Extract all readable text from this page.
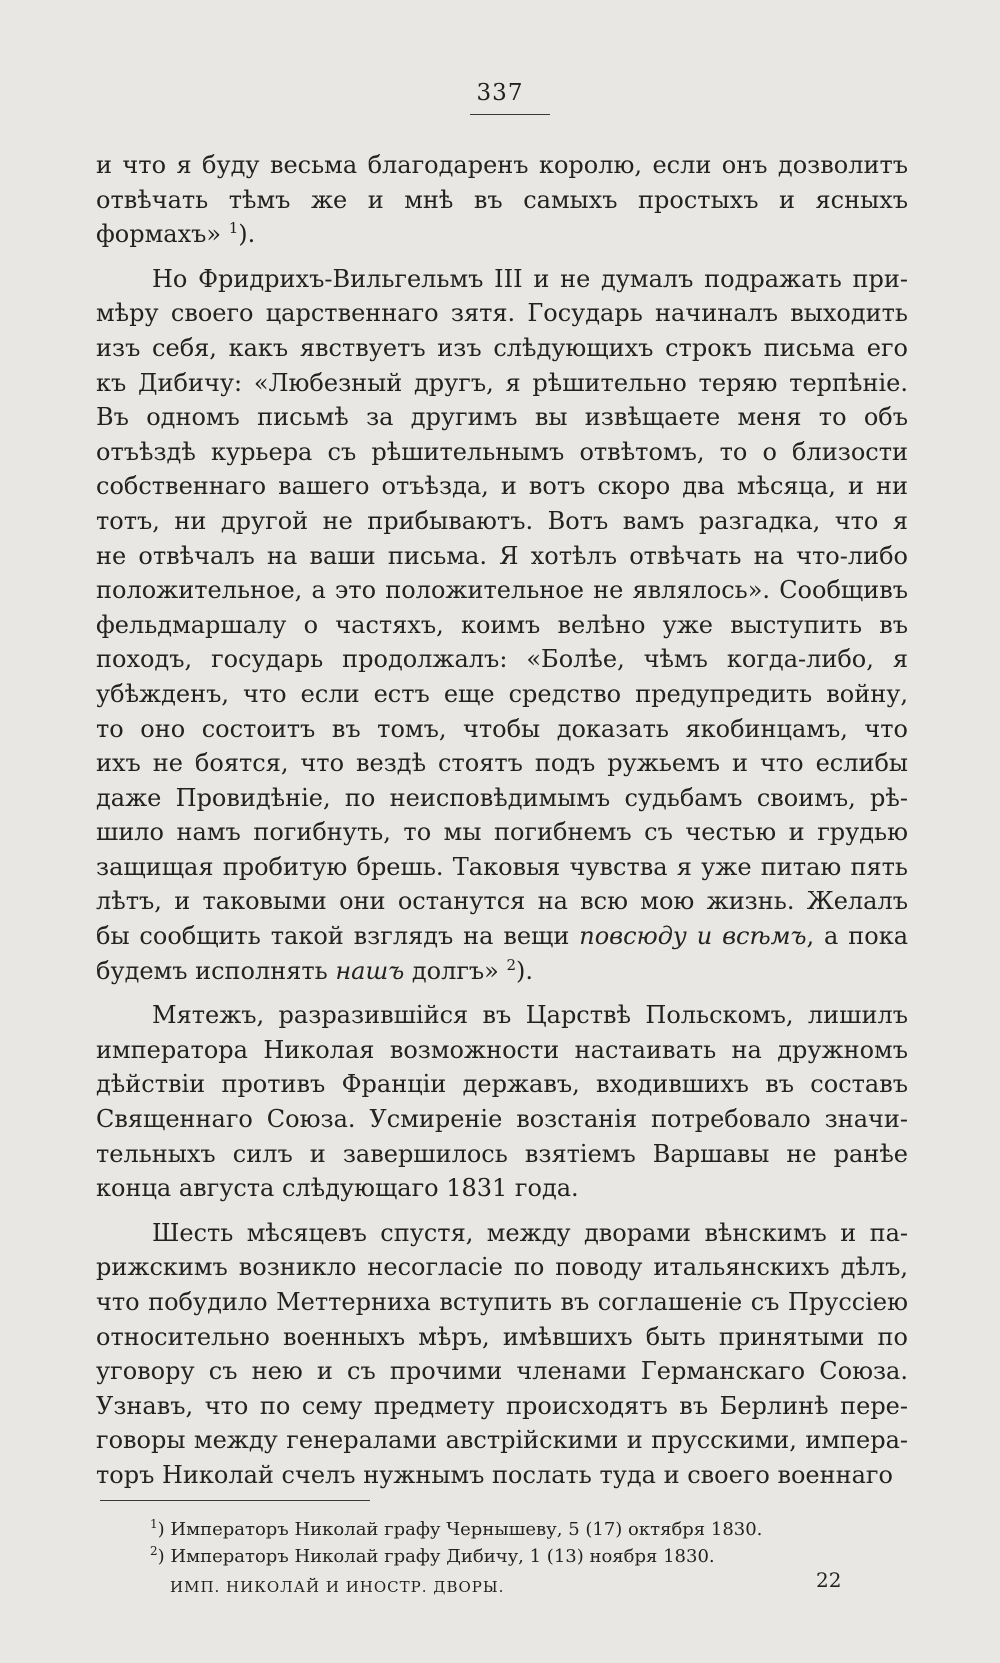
337
и что я буду весьма благодаренъ королю, если онъ дозволитъ
отвѣчать тѣмъ же и мнѣ въ самыхъ простыхъ и ясныхъ
формахъ» $^1$).
Но Фридрихъ-Вильгельмъ III и не думалъ подражать при-
мѣру своего царственнаго зятя. Государь начиналъ выходить
изъ себя, какъ явствуетъ изъ слѣдующихъ строкъ письма его
къ Дибичу: «Любезный другъ, я рѣшительно теряю терпѣніе.
Въ одномъ письмѣ за другимъ вы извѣщаете меня то объ
отъѣздѣ курьера съ рѣшительнымъ отвѣтомъ, то о близости
собственнаго вашего отъѣзда, и вотъ скоро два мѣсяца, и ни
тотъ, ни другой не прибываютъ. Вотъ вамъ разгадка, что я
не отвѣчалъ на ваши письма. Я хотѣлъ отвѣчать на что-либо
положительное, а это положительное не являлось». Сообщивъ
фельдмаршалу о частяхъ, коимъ велѣно уже выступить въ
походъ, государь продолжалъ: «Болѣе, чѣмъ когда-либо, я
убѣжденъ, что если естъ еще средство предупредить войну,
то оно состоитъ въ томъ, чтобы доказать якобинцамъ, что
ихъ не боятся, что вездѣ стоятъ подъ ружьемъ и что еслибы
даже Провидѣніе, по неисповѣдимымъ судьбамъ своимъ, рѣ-
шило намъ погибнуть, то мы погибнемъ съ честью и грудью
защищая пробитую брешь. Таковыя чувства я уже питаю пять
лѣтъ, и таковыми они останутся на всю мою жизнь. Желалъ
бы сообщить такой взглядъ на вещи повсюду и всѣмъ, а пока
будемъ исполнять нашъ долгъ» $^2$).
Мятежъ, разразившійся въ Царствѣ Польскомъ, лишилъ
императора Николая возможности настаивать на дружномъ
дѣйствіи противъ Франціи державъ, входившихъ въ составъ
Священнаго Союза. Усмиреніе возстанія потребовало значи-
тельныхъ силъ и завершилось взятіемъ Варшавы не ранѣе
конца августа слѣдующаго 1831 года.
Шесть мѣсяцевъ спустя, между дворами вѣнскимъ и па-
рижскимъ возникло несогласіе по поводу итальянскихъ дѣлъ,
что побудило Меттерниха вступить въ соглашеніе съ Пруссіею
относительно военныхъ мѣръ, имѣвшихъ быть принятыми по
уговору съ нею и съ прочими членами Германскаго Союза.
Узнавъ, что по сему предмету происходятъ въ Берлинѣ пере-
говоры между генералами австрійскими и прусскими, импера-
торъ Николай счелъ нужнымъ послать туда и своего военнаго
$^1$) Императоръ Николай графу Чернышеву, 5 (17) октября 1830.
$^2$) Императоръ Николай графу Дибичу, 1 (13) ноября 1830.
ИМП. НИКОЛАЙ И ИНОСТР. ДВОРЫ.	22
